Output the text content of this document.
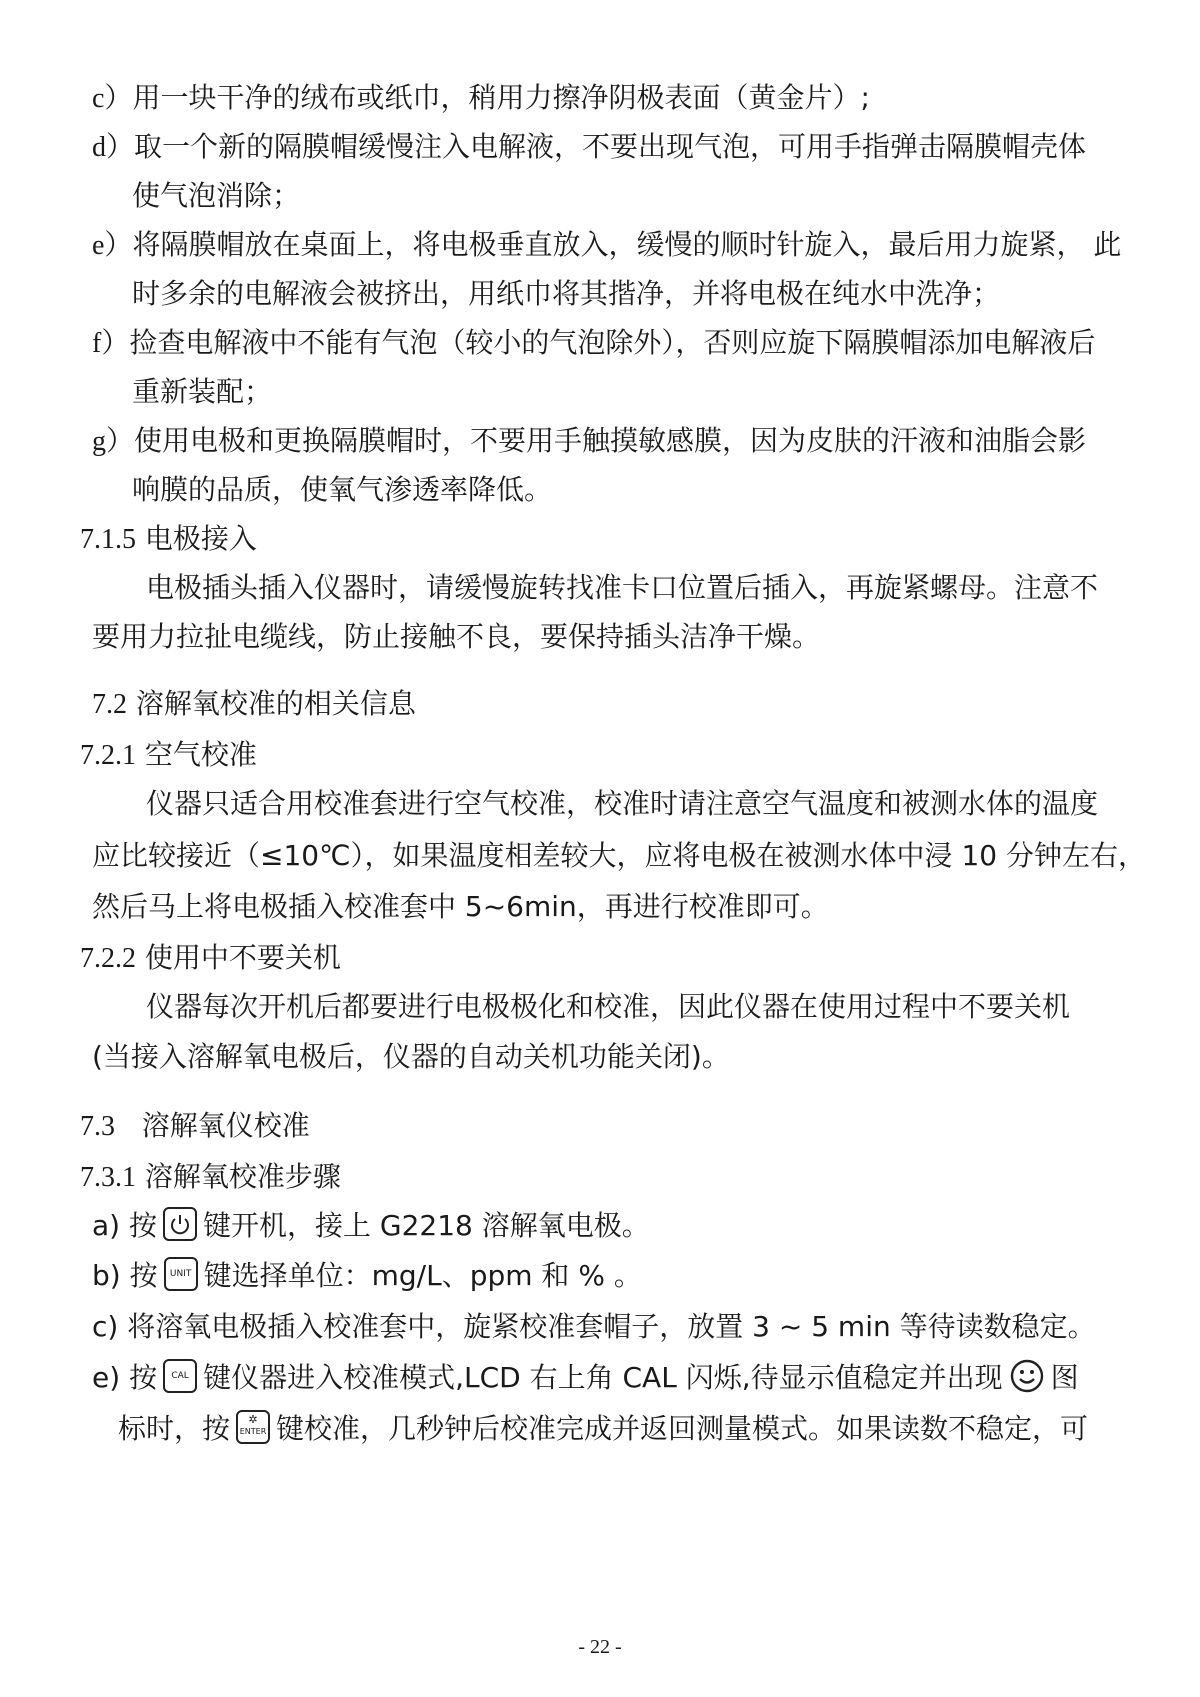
c）用一块干净的绒布或纸巾，稍用力擦净阴极表面（黄金片）;
d）取一个新的隔膜帽缓慢注入电解液，不要出现气泡，可用手指弹击隔膜帽壳体
使气泡消除；
e）将隔膜帽放在桌面上，将电极垂直放入，缓慢的顺时针旋入，最后用力旋紧， 此
时多余的电解液会被挤出，用纸巾将其揩净，并将电极在纯水中洗净；
f）捡查电解液中不能有气泡（较小的气泡除外），否则应旋下隔膜帽添加电解液后
重新装配；
g）使用电极和更换隔膜帽时，不要用手触摸敏感膜，因为皮肤的汗液和油脂会影
响膜的品质，使氧气渗透率降低。
7.1.5 电极接入
电极插头插入仪器时，请缓慢旋转找准卡口位置后插入，再旋紧螺母。注意不
要用力拉扯电缆线，防止接触不良，要保持插头洁净干燥。
7.2 溶解氧校准的相关信息
7.2.1 空气校准
仪器只适合用校准套进行空气校准，校准时请注意空气温度和被测水体的温度
应比较接近（≤10℃），如果温度相差较大，应将电极在被测水体中浸 10 分钟左右，
然后马上将电极插入校准套中 5~6min，再进行校准即可。
7.2.2 使用中不要关机
仪器每次开机后都要进行电极极化和校准，因此仪器在使用过程中不要关机
(当接入溶解氧电极后，仪器的自动关机功能关闭)。
7.3 溶解氧仪校准
7.3.1 溶解氧校准步骤
a) 按 键开机，接上 G2218 溶解氧电极。
b) 按	UNIT 键选择单位：mg/L、ppm 和 % 。
c) 将溶氧电极插入校准套中，旋紧校准套帽子，放置 3 ~ 5 min 等待读数稳定。
e) 按	CAL 键仪器进入校准模式,LCD 右上角 CAL 闪烁,待显示值稳定并出现 图
标时，按	✲
ENTER 键校准，几秒钟后校准完成并返回测量模式。如果读数不稳定，可
- 22 -
